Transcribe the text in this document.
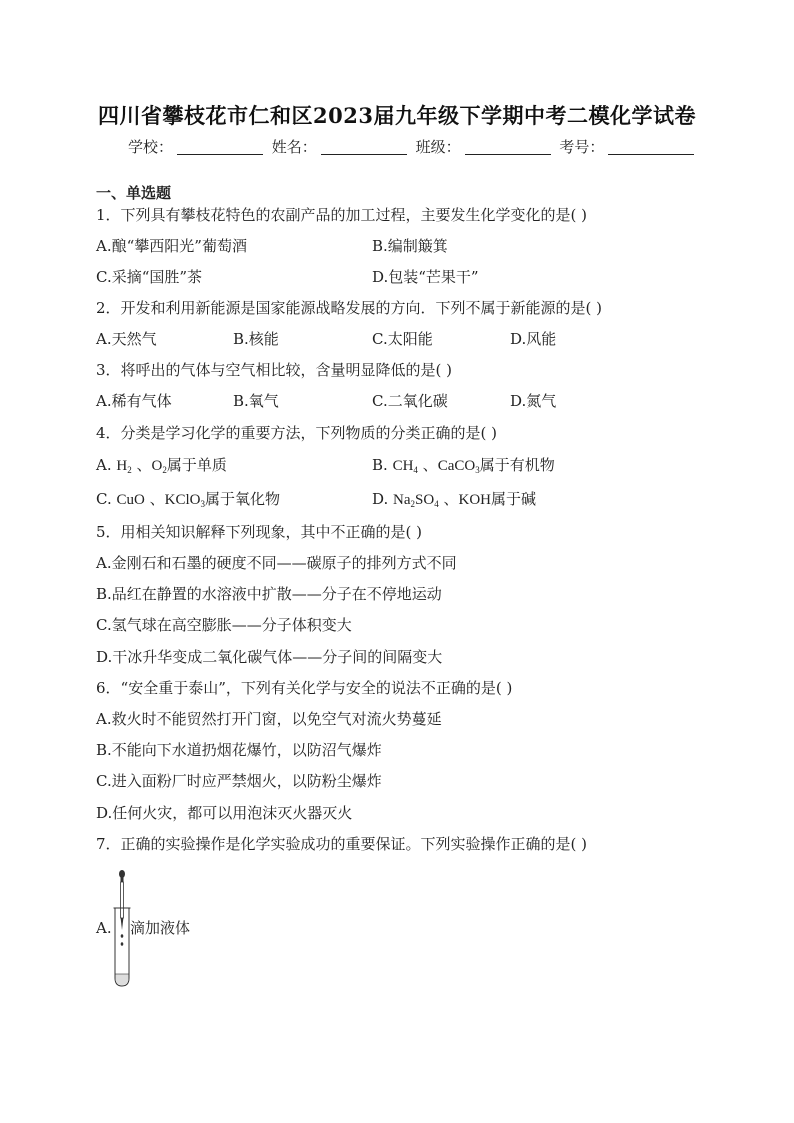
四川省攀枝花市仁和区2023届九年级下学期中考二模化学试卷
学校：	姓名：	班级：	考号：
一、单选题
1．下列具有攀枝花特色的农副产品的加工过程，主要发生化学变化的是( )
A.酿“攀西阳光”葡萄酒	B.编制簸箕
C.采摘“国胜”茶	D.包装“芒果干”
2．开发和利用新能源是国家能源战略发展的方向．下列不属于新能源的是( )
A.天然气	B.核能	C.太阳能	D.风能
3．将呼出的气体与空气相比较，含量明显降低的是( )
A.稀有气体	B.氧气	C.二氧化碳	D.氮气
4．分类是学习化学的重要方法，下列物质的分类正确的是( )
A. $H_2$ 、$O_2$属于单质	B. $CH_4$ 、CaCO$_3$属于有机物
C. CuO 、KClO$_3$属于氧化物	D. $Na_2SO_4$ 、KOH属于碱
5．用相关知识解释下列现象，其中不正确的是( )
A.金刚石和石墨的硬度不同——碳原子的排列方式不同
B.品红在静置的水溶液中扩散——分子在不停地运动
C.氢气球在高空膨胀——分子体积变大
D.干冰升华变成二氧化碳气体——分子间的间隔变大
6．“安全重于泰山”，下列有关化学与安全的说法不正确的是( )
A.救火时不能贸然打开门窗，以免空气对流火势蔓延
B.不能向下水道扔烟花爆竹，以防沼气爆炸
C.进入面粉厂时应严禁烟火，以防粉尘爆炸
D.任何火灾，都可以用泡沫灭火器灭火
7．正确的实验操作是化学实验成功的重要保证。下列实验操作正确的是( )
A. 滴加液体
